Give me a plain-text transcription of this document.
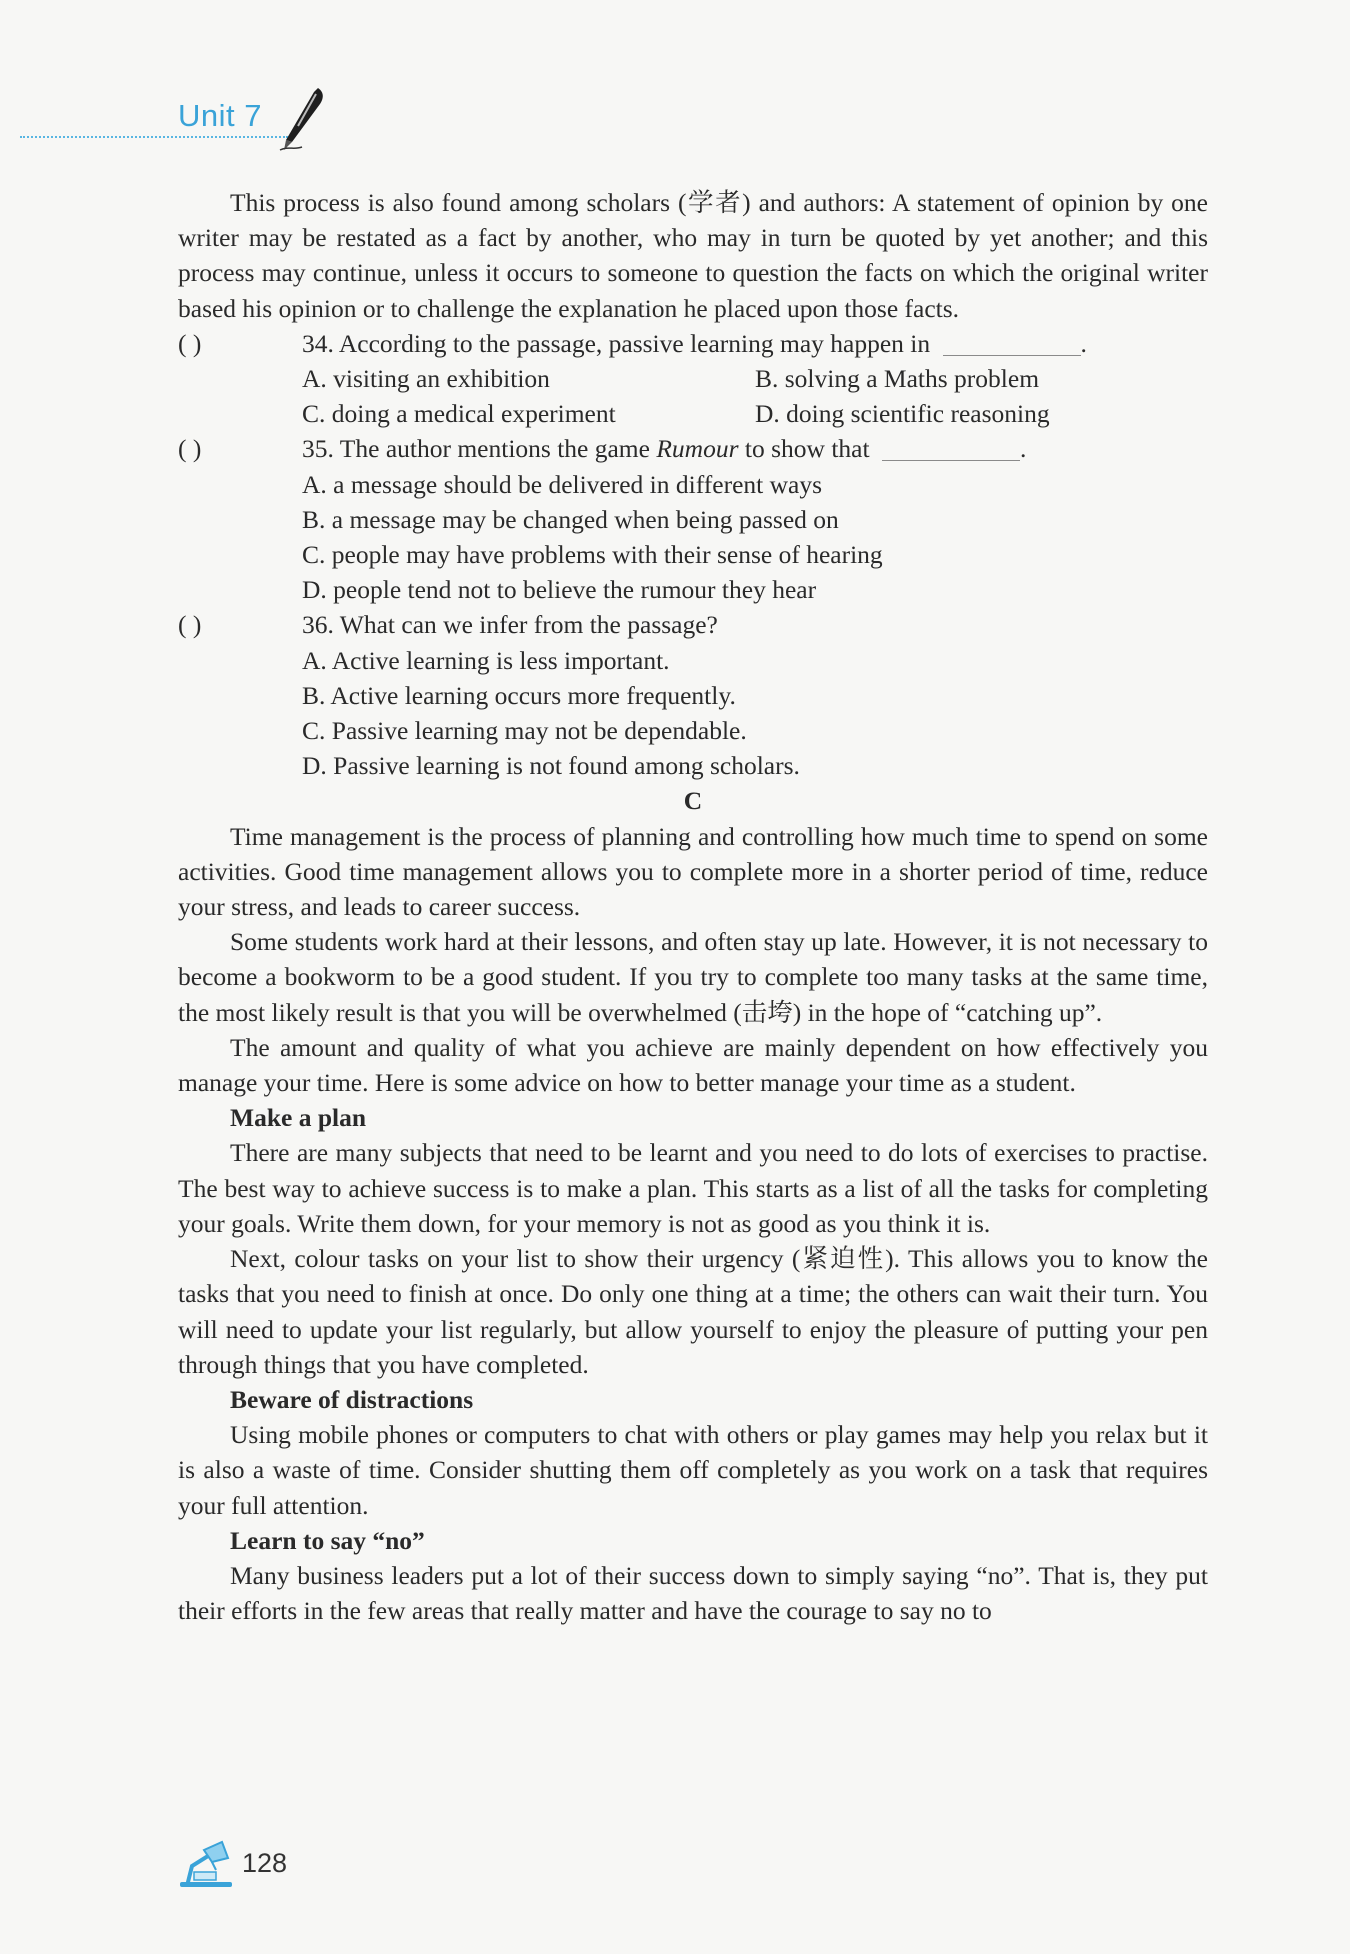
Unit 7

This process is also found among scholars (学者) and authors: A statement of opinion by one writer may be restated as a fact by another, who may in turn be quoted by yet another; and this process may continue, unless it occurs to someone to question the facts on which the original writer based his opinion or to challenge the explanation he placed upon those facts.

( )	34. According to the passage, passive learning may happen in	.

A. visiting an exhibition	B. solving a Maths problem
C. doing a medical experiment	D. doing scientific reasoning

( )	35. The author mentions the game Rumour to show that	.

A. a message should be delivered in different ways
B. a message may be changed when being passed on
C. people may have problems with their sense of hearing
D. people tend not to believe the rumour they hear

( )	36. What can we infer from the passage?

A. Active learning is less important.
B. Active learning occurs more frequently.
C. Passive learning may not be dependable.
D. Passive learning is not found among scholars.

C

Time management is the process of planning and controlling how much time to spend on some activities. Good time management allows you to complete more in a shorter period of time, reduce your stress, and leads to career success.

Some students work hard at their lessons, and often stay up late. However, it is not necessary to become a bookworm to be a good student. If you try to complete too many tasks at the same time, the most likely result is that you will be overwhelmed (击垮) in the hope of “catching up”.

The amount and quality of what you achieve are mainly dependent on how effectively you manage your time. Here is some advice on how to better manage your time as a student.

Make a plan

There are many subjects that need to be learnt and you need to do lots of exercises to practise. The best way to achieve success is to make a plan. This starts as a list of all the tasks for completing your goals. Write them down, for your memory is not as good as you think it is.

Next, colour tasks on your list to show their urgency (紧迫性). This allows you to know the tasks that you need to finish at once. Do only one thing at a time; the others can wait their turn. You will need to update your list regularly, but allow yourself to enjoy the pleasure of putting your pen through things that you have completed.

Beware of distractions

Using mobile phones or computers to chat with others or play games may help you relax but it is also a waste of time. Consider shutting them off completely as you work on a task that requires your full attention.

Learn to say “no”

Many business leaders put a lot of their success down to simply saying “no”. That is, they put their efforts in the few areas that really matter and have the courage to say no to

128
